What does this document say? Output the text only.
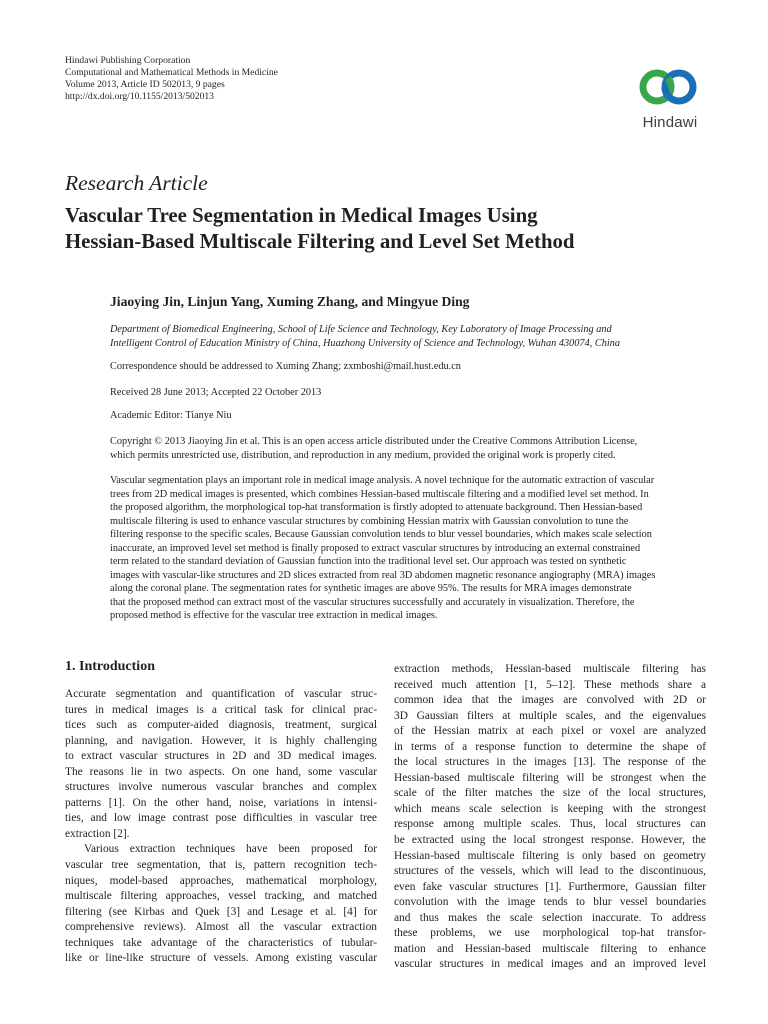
Hindawi Publishing Corporation
Computational and Mathematical Methods in Medicine
Volume 2013, Article ID 502013, 9 pages
http://dx.doi.org/10.1155/2013/502013
Hindawi
Research Article
Vascular Tree Segmentation in Medical Images Using
Hessian-Based Multiscale Filtering and Level Set Method
Jiaoying Jin, Linjun Yang, Xuming Zhang, and Mingyue Ding
Department of Biomedical Engineering, School of Life Science and Technology, Key Laboratory of Image Processing and
Intelligent Control of Education Ministry of China, Huazhong University of Science and Technology, Wuhan 430074, China
Correspondence should be addressed to Xuming Zhang; zxmboshi@mail.hust.edu.cn
Received 28 June 2013; Accepted 22 October 2013
Academic Editor: Tianye Niu
Copyright © 2013 Jiaoying Jin et al. This is an open access article distributed under the Creative Commons Attribution License,
which permits unrestricted use, distribution, and reproduction in any medium, provided the original work is properly cited.
Vascular segmentation plays an important role in medical image analysis. A novel technique for the automatic extraction of vascular
trees from 2D medical images is presented, which combines Hessian-based multiscale filtering and a modified level set method. In
the proposed algorithm, the morphological top-hat transformation is firstly adopted to attenuate background. Then Hessian-based
multiscale filtering is used to enhance vascular structures by combining Hessian matrix with Gaussian convolution to tune the
filtering response to the specific scales. Because Gaussian convolution tends to blur vessel boundaries, which makes scale selection
inaccurate, an improved level set method is finally proposed to extract vascular structures by introducing an external constrained
term related to the standard deviation of Gaussian function into the traditional level set. Our approach was tested on synthetic
images with vascular-like structures and 2D slices extracted from real 3D abdomen magnetic resonance angiography (MRA) images
along the coronal plane. The segmentation rates for synthetic images are above 95%. The results for MRA images demonstrate
that the proposed method can extract most of the vascular structures successfully and accurately in visualization. Therefore, the
proposed method is effective for the vascular tree extraction in medical images.
1. Introduction
Accurate segmentation and quantification of vascular struc-
tures in medical images is a critical task for clinical prac-
tices such as computer-aided diagnosis, treatment, surgical
planning, and navigation. However, it is highly challenging
to extract vascular structures in 2D and 3D medical images.
The reasons lie in two aspects. On one hand, some vascular
structures involve numerous vascular branches and complex
patterns [1]. On the other hand, noise, variations in intensi-
ties, and low image contrast pose difficulties in vascular tree
extraction [2].
Various extraction techniques have been proposed for
vascular tree segmentation, that is, pattern recognition tech-
niques, model-based approaches, mathematical morphology,
multiscale filtering approaches, vessel tracking, and matched
filtering (see Kirbas and Quek [3] and Lesage et al. [4] for
comprehensive reviews). Almost all the vascular extraction
techniques take advantage of the characteristics of tubular-
like or line-like structure of vessels. Among existing vascular
extraction methods, Hessian-based multiscale filtering has
received much attention [1, 5–12]. These methods share a
common idea that the images are convolved with 2D or
3D Gaussian filters at multiple scales, and the eigenvalues
of the Hessian matrix at each pixel or voxel are analyzed
in terms of a response function to determine the shape of
the local structures in the images [13]. The response of the
Hessian-based multiscale filtering will be strongest when the
scale of the filter matches the size of the local structures,
which means scale selection is keeping with the strongest
response among multiple scales. Thus, local structures can
be extracted using the local strongest response. However, the
Hessian-based multiscale filtering is only based on geometry
structures of the vessels, which will lead to the discontinuous,
even fake vascular structures [1]. Furthermore, Gaussian filter
convolution with the image tends to blur vessel boundaries
and thus makes the scale selection inaccurate. To address
these problems, we use morphological top-hat transfor-
mation and Hessian-based multiscale filtering to enhance
vascular structures in medical images and an improved level
